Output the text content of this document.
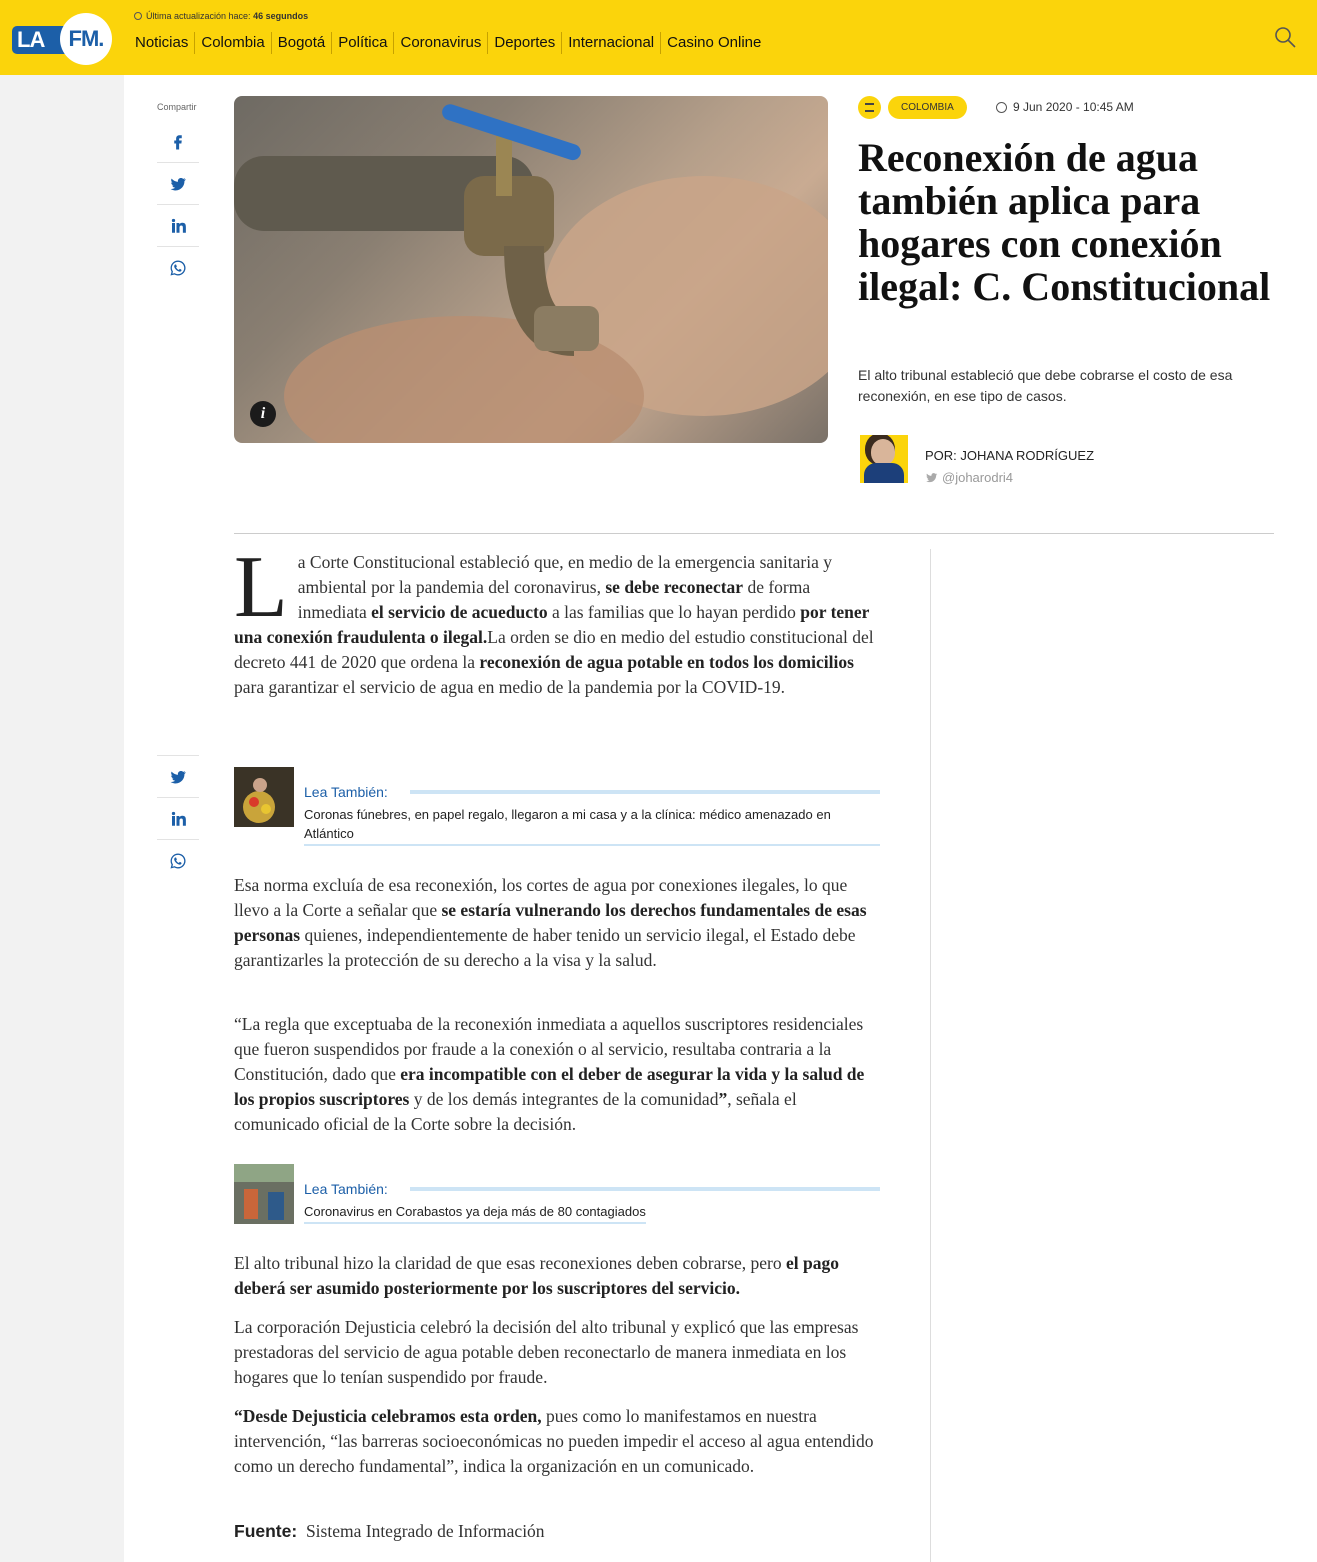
LA	FM.
Última actualización hace: 46 segundos
Noticias Colombia Bogotá Política Coronavirus Deportes Internacional Casino Online
Compartir
i
COLOMBIA	9 Jun 2020 - 10:45 AM
Reconexión de agua también aplica para hogares con conexión ilegal: C. Constitucional

El alto tribunal estableció que debe cobrarse el costo de esa reconexión, en ese tipo de casos.

POR: JOHANA RODRÍGUEZ
@joharodri4
La Corte Constitucional estableció que, en medio de la emergencia sanitaria y ambiental por la pandemia del coronavirus, se debe reconectar de forma inmediata el servicio de acueducto a las familias que lo hayan perdido por tener una conexión fraudulenta o ilegal.La orden se dio en medio del estudio constitucional del decreto 441 de 2020 que ordena la reconexión de agua potable en todos los domicilios para garantizar el servicio de agua en medio de la pandemia por la COVID-19.
Lea También:
Coronas fúnebres, en papel regalo, llegaron a mi casa y a la clínica: médico amenazado en Atlántico
Esa norma excluía de esa reconexión, los cortes de agua por conexiones ilegales, lo que llevo a la Corte a señalar que se estaría vulnerando los derechos fundamentales de esas personas quienes, independientemente de haber tenido un servicio ilegal, el Estado debe garantizarles la protección de su derecho a la visa y la salud.
“La regla que exceptuaba de la reconexión inmediata a aquellos suscriptores residenciales que fueron suspendidos por fraude a la conexión o al servicio, resultaba contraria a la Constitución, dado que era incompatible con el deber de asegurar la vida y la salud de los propios suscriptores y de los demás integrantes de la comunidad”, señala el comunicado oficial de la Corte sobre la decisión.
Lea También:
Coronavirus en Corabastos ya deja más de 80 contagiados
El alto tribunal hizo la claridad de que esas reconexiones deben cobrarse, pero el pago deberá ser asumido posteriormente por los suscriptores del servicio.
La corporación Dejusticia celebró la decisión del alto tribunal y explicó que las empresas prestadoras del servicio de agua potable deben reconectarlo de manera inmediata en los hogares que lo tenían suspendido por fraude.
“Desde Dejusticia celebramos esta orden, pues como lo manifestamos en nuestra intervención, “las barreras socioeconómicas no pueden impedir el acceso al agua entendido como un derecho fundamental”, indica la organización en un comunicado.
Fuente: Sistema Integrado de Información
